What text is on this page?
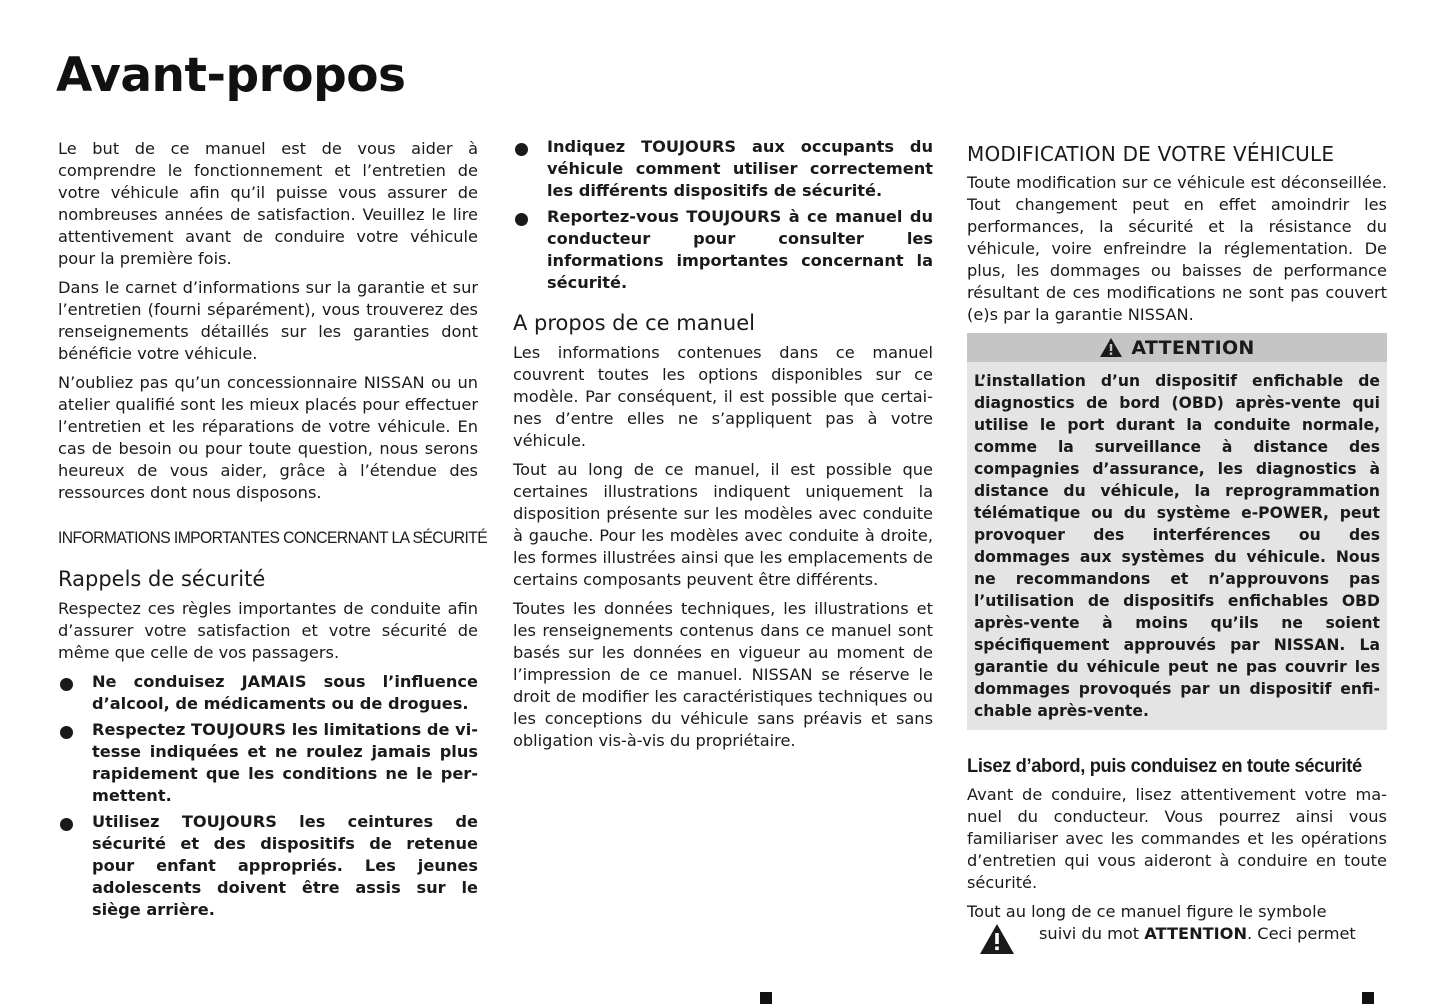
Avant-propos

Le but de ce manuel est de vous aider à comprendre le fonctionnement et l’entretien de votre véhicule afin qu’il puisse vous assurer de nombreuses années de satisfaction. Veuillez le lire attentivement avant de conduire votre véhicule pour la première fois.

Dans le carnet d’informations sur la garantie et sur l’entretien (fourni séparément), vous trouverez des renseignements détaillés sur les garanties dont bénéficie votre véhicule.

N’oubliez pas qu’un concessionnaire NISSAN ou un atelier qualifié sont les mieux placés pour effectuer l’entretien et les réparations de votre véhicule. En cas de besoin ou pour toute question, nous serons heureux de vous aider, grâce à l’étendue des ressources dont nous disposons.

INFORMATIONS IMPORTANTES CONCERNANT LA SÉCURITÉ
Rappels de sécurité

Respectez ces règles importantes de conduite afin d’assurer votre satisfaction et votre sécurité de même que celle de vos passagers.

Ne conduisez JAMAIS sous l’influence d’alcool, de médicaments ou de drogues.
Respectez TOUJOURS les limitations de vitesse indiquées et ne roulez jamais plus rapidement que les conditions ne le permettent.
Utilisez TOUJOURS les ceintures de sécurité et des dispositifs de retenue pour enfant appropriés. Les jeunes adolescents doivent être assis sur le siège arrière.
Indiquez TOUJOURS aux occupants du véhicule comment utiliser correctement les différents dispositifs de sécurité.
Reportez-vous TOUJOURS à ce manuel du conducteur pour consulter les informations importantes concernant la sécurité.
A propos de ce manuel

Les informations contenues dans ce manuel couvrent toutes les options disponibles sur ce modèle. Par conséquent, il est possible que certaines d’entre elles ne s’appliquent pas à votre véhicule.

Tout au long de ce manuel, il est possible que certaines illustrations indiquent uniquement la disposition présente sur les modèles avec conduite à gauche. Pour les modèles avec conduite à droite, les formes illustrées ainsi que les emplacements de certains composants peuvent être différents.

Toutes les données techniques, les illustrations et les renseignements contenus dans ce manuel sont basés sur les données en vigueur au moment de l’impression de ce manuel. NISSAN se réserve le droit de modifier les caractéristiques techniques ou les conceptions du véhicule sans préavis et sans obligation vis-à-vis du propriétaire.

MODIFICATION DE VOTRE VÉHICULE

Toute modification sur ce véhicule est déconseillée. Tout changement peut en effet amoindrir les performances, la sécurité et la résistance du véhicule, voire enfreindre la réglementation. De plus, les dommages ou baisses de performance résultant de ces modifications ne sont pas couvert (e)s par la garantie NISSAN.

ATTENTION

L’installation d’un dispositif enfichable de diagnostics de bord (OBD) après-vente qui utilise le port durant la conduite normale, comme la surveillance à distance des compagnies d’assurance, les diagnostics à distance du véhicule, la reprogrammation télématique ou du système e-POWER, peut provoquer des interférences ou des dommages aux systèmes du véhicule. Nous ne recommandons et n’approuvons pas l’utilisation de dispositifs enfichables OBD après-vente à moins qu’ils ne soient spécifiquement approuvés par NISSAN. La garantie du véhicule peut ne pas couvrir les dommages provoqués par un dispositif enfichable après-vente.

Lisez d’abord, puis conduisez en toute sécurité

Avant de conduire, lisez attentivement votre manuel du conducteur. Vous pourrez ainsi vous familiariser avec les commandes et les opérations d’entretien qui vous aideront à conduire en toute sécurité.

Tout au long de ce manuel figure le symbole

suivi du mot ATTENTION. Ceci permet
